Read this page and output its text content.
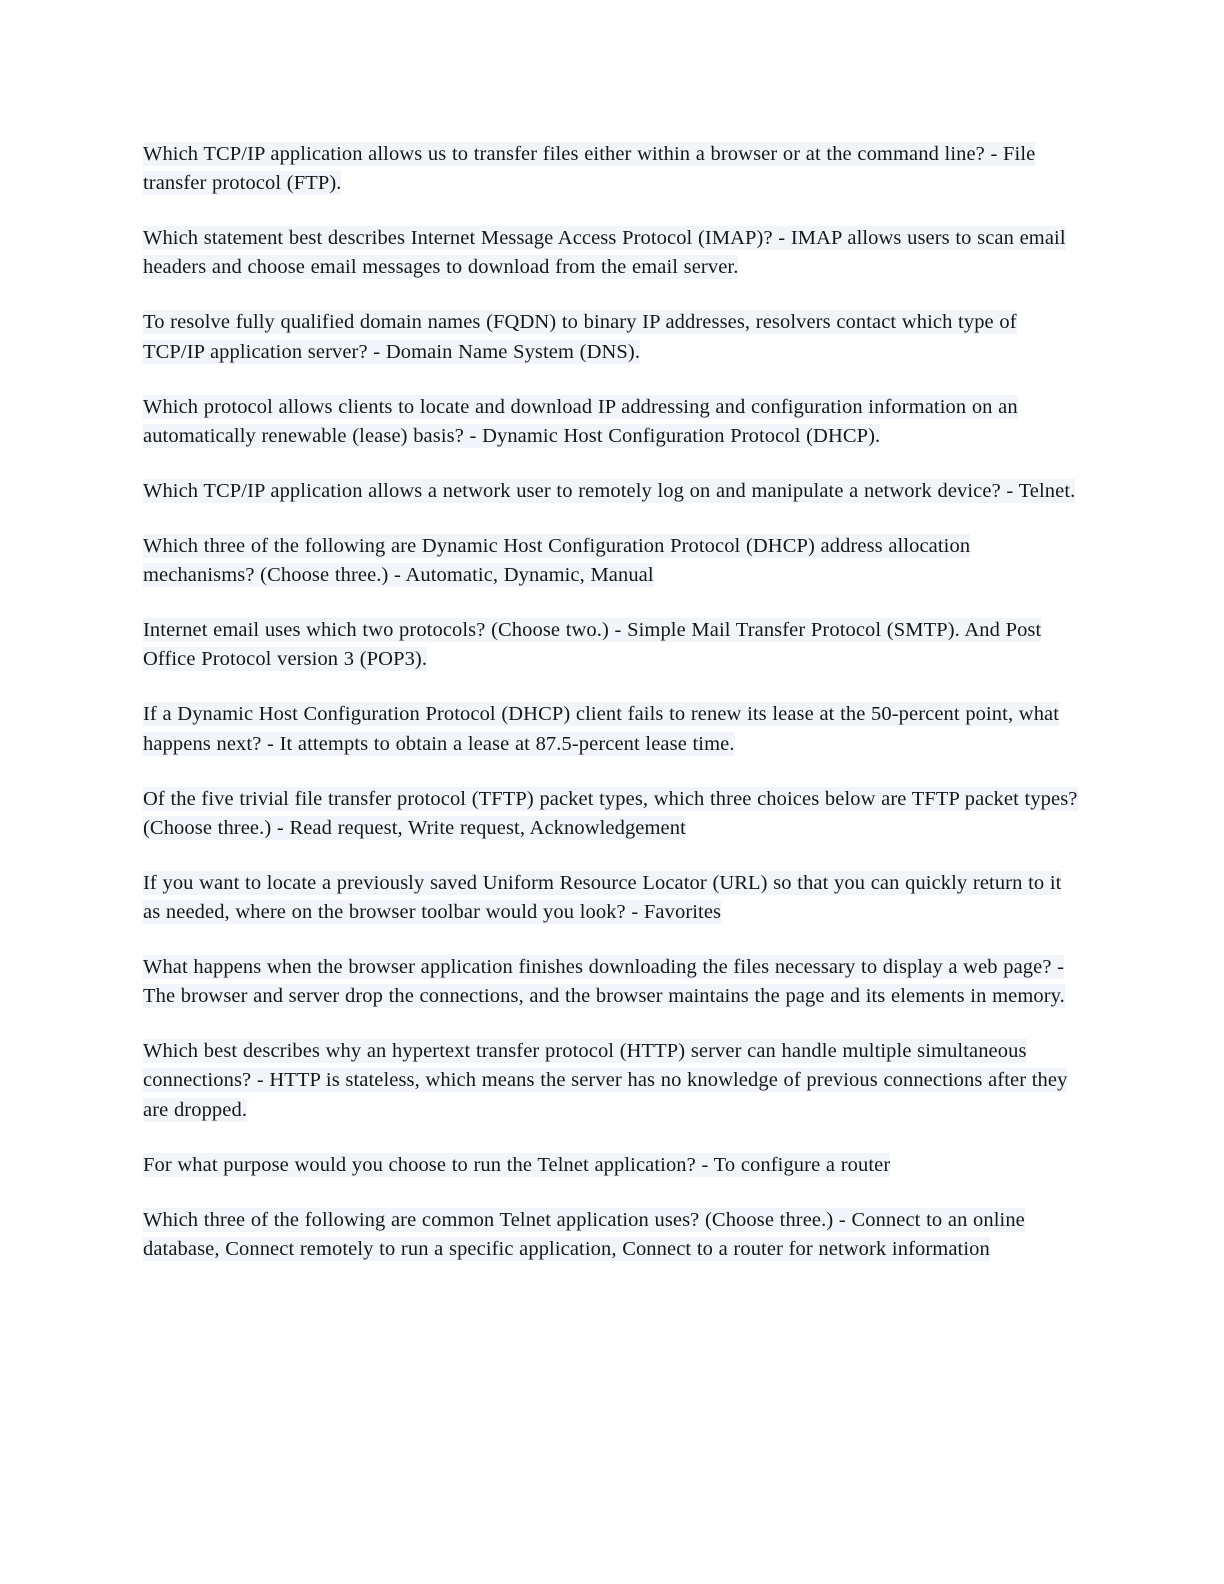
Which TCP/IP application allows us to transfer files either within a browser or at the command line? - File transfer protocol (FTP).

Which statement best describes Internet Message Access Protocol (IMAP)? - IMAP allows users to scan email headers and choose email messages to download from the email server.

To resolve fully qualified domain names (FQDN) to binary IP addresses, resolvers contact which type of TCP/IP application server? - Domain Name System (DNS).

Which protocol allows clients to locate and download IP addressing and configuration information on an automatically renewable (lease) basis? - Dynamic Host Configuration Protocol (DHCP).

Which TCP/IP application allows a network user to remotely log on and manipulate a network device? - Telnet.

Which three of the following are Dynamic Host Configuration Protocol (DHCP) address allocation mechanisms? (Choose three.) - Automatic, Dynamic, Manual

Internet email uses which two protocols? (Choose two.) - Simple Mail Transfer Protocol (SMTP). And Post Office Protocol version 3 (POP3).

If a Dynamic Host Configuration Protocol (DHCP) client fails to renew its lease at the 50-percent point, what happens next? - It attempts to obtain a lease at 87.5-percent lease time.

Of the five trivial file transfer protocol (TFTP) packet types, which three choices below are TFTP packet types? (Choose three.) - Read request, Write request, Acknowledgement

If you want to locate a previously saved Uniform Resource Locator (URL) so that you can quickly return to it as needed, where on the browser toolbar would you look? - Favorites

What happens when the browser application finishes downloading the files necessary to display a web page? - The browser and server drop the connections, and the browser maintains the page and its elements in memory.

Which best describes why an hypertext transfer protocol (HTTP) server can handle multiple simultaneous connections? - HTTP is stateless, which means the server has no knowledge of previous connections after they are dropped.

For what purpose would you choose to run the Telnet application? - To configure a router

Which three of the following are common Telnet application uses? (Choose three.) - Connect to an online database, Connect remotely to run a specific application, Connect to a router for network information
